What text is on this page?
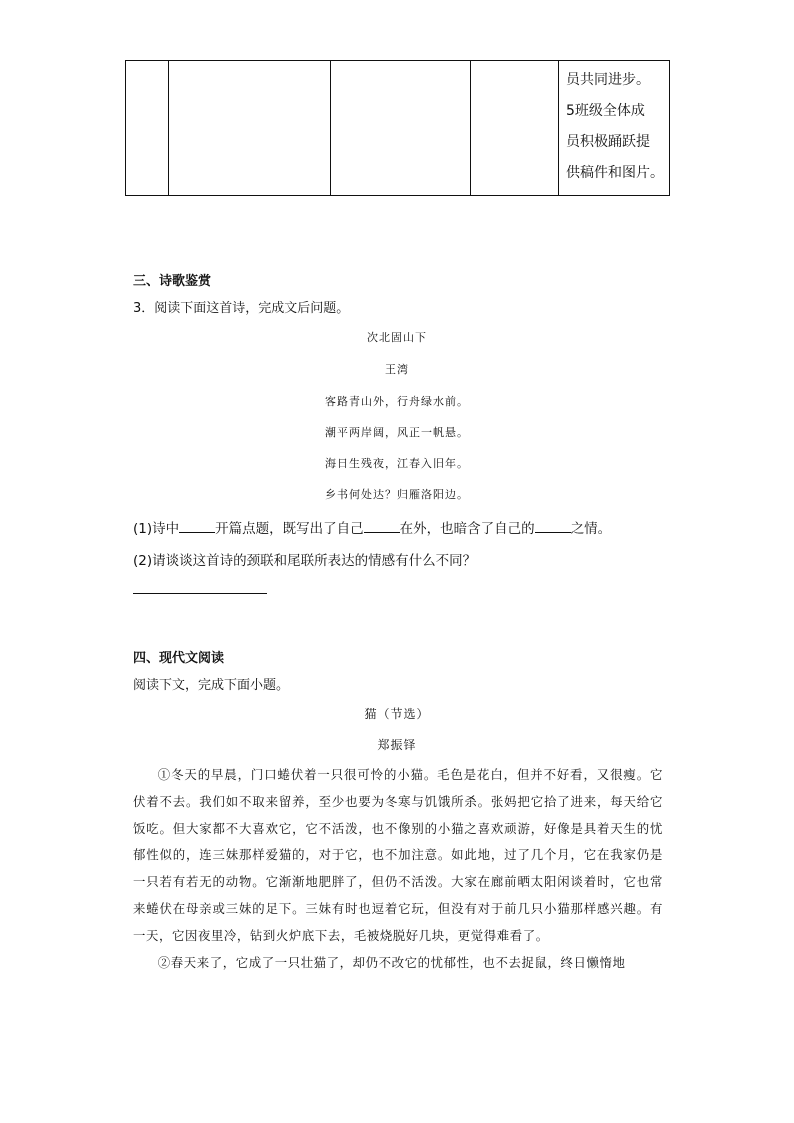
员共同进步。
5班级全体成
员积极踊跃提
供稿件和图片。
三、诗歌鉴赏
3．阅读下面这首诗，完成文后问题。
次北固山下
王湾
客路青山外，行舟绿水前。
潮平两岸阔，风正一帆悬。
海日生残夜，江春入旧年。
乡书何处达？归雁洛阳边。
(1)诗中	开篇点题，既写出了自己	在外，也暗含了自己的	之情。
(2)请谈谈这首诗的颈联和尾联所表达的情感有什么不同？
四、现代文阅读
阅读下文，完成下面小题。
猫（节选）
郑振铎

①冬天的早晨，门口蜷伏着一只很可怜的小猫。毛色是花白，但并不好看，又很瘦。它伏着不去。我们如不取来留养，至少也要为冬寒与饥饿所杀。张妈把它拾了进来，每天给它饭吃。但大家都不大喜欢它，它不活泼，也不像别的小猫之喜欢顽游，好像是具着天生的忧郁性似的，连三妹那样爱猫的，对于它，也不加注意。如此地，过了几个月，它在我家仍是一只若有若无的动物。它渐渐地肥胖了，但仍不活泼。大家在廊前晒太阳闲谈着时，它也常来蜷伏在母亲或三妹的足下。三妹有时也逗着它玩，但没有对于前几只小猫那样感兴趣。有一天，它因夜里冷，钻到火炉底下去，毛被烧脱好几块，更觉得难看了。

②春天来了，它成了一只壮猫了，却仍不改它的忧郁性，也不去捉鼠，终日懒惰地
